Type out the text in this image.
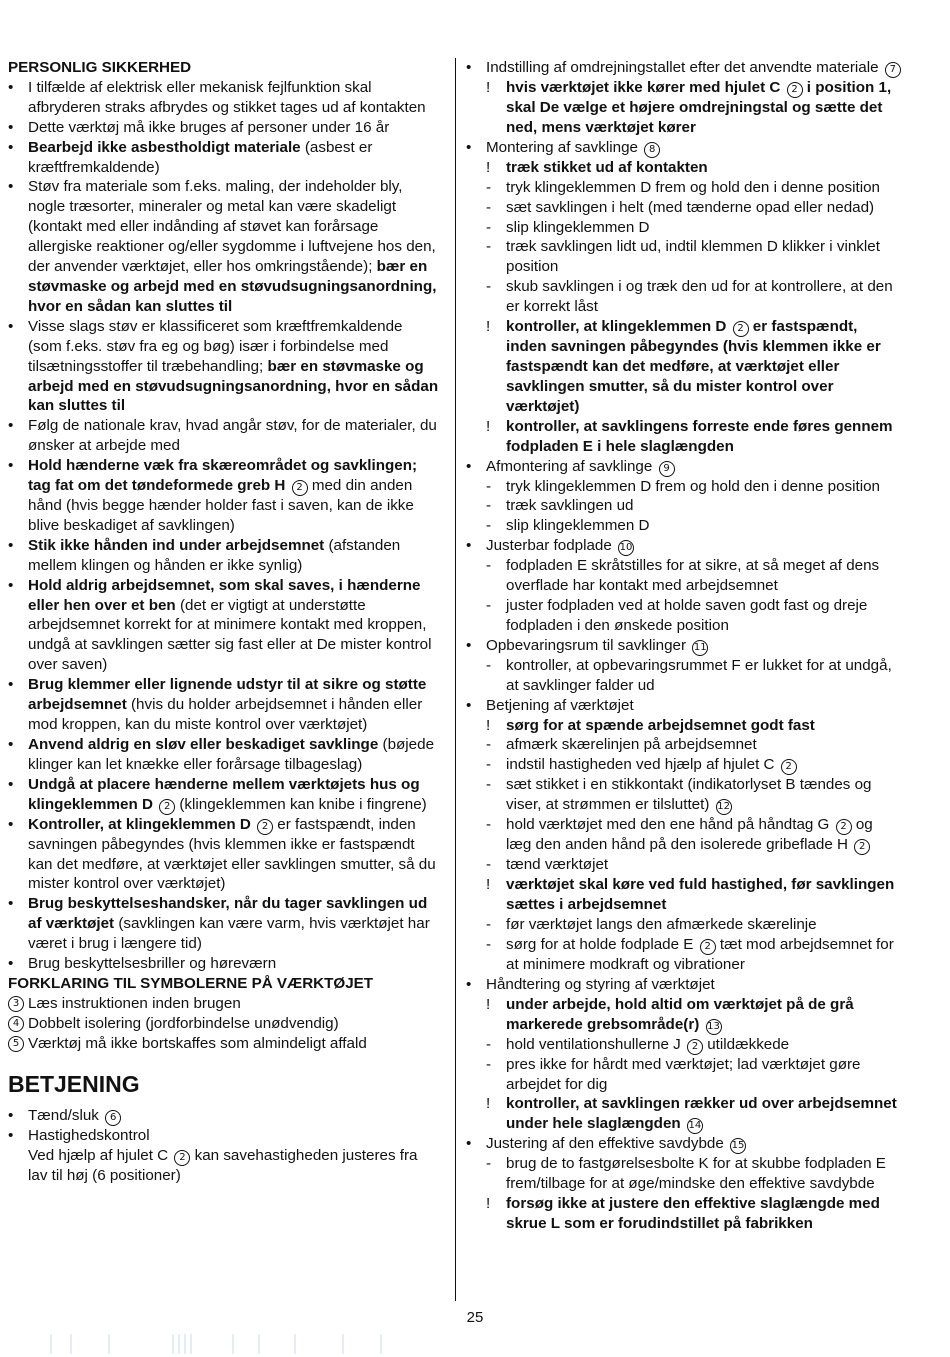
PERSONLIG SIKKERHED
• I tilfælde af elektrisk eller mekanisk fejlfunktion skal afbryderen straks afbrydes og stikket tages ud af kontakten
• Dette værktøj må ikke bruges af personer under 16 år
• Bearbejd ikke asbestholdigt materiale (asbest er kræftfremkaldende)
• Støv fra materiale som f.eks. maling, der indeholder bly, nogle træsorter, mineraler og metal kan være skadeligt (kontakt med eller indånding af støvet kan forårsage allergiske reaktioner og/eller sygdomme i luftvejene hos den, der anvender værktøjet, eller hos omkringstående); bær en støvmaske og arbejd med en støvudsugningsanordning, hvor en sådan kan sluttes til
• Visse slags støv er klassificeret som kræftfremkaldende (som f.eks. støv fra eg og bøg) især i forbindelse med tilsætningsstoffer til træbehandling; bær en støvmaske og arbejd med en støvudsugningsanordning, hvor en sådan kan sluttes til
• Følg de nationale krav, hvad angår støv, for de materialer, du ønsker at arbejde med
• Hold hænderne væk fra skæreområdet og savklingen; tag fat om det tøndeformede greb H 2 med din anden hånd (hvis begge hænder holder fast i saven, kan de ikke blive beskadiget af savklingen)
• Stik ikke hånden ind under arbejdsemnet (afstanden mellem klingen og hånden er ikke synlig)
• Hold aldrig arbejdsemnet, som skal saves, i hænderne eller hen over et ben (det er vigtigt at understøtte arbejdsemnet korrekt for at minimere kontakt med kroppen, undgå at savklingen sætter sig fast eller at De mister kontrol over saven)
• Brug klemmer eller lignende udstyr til at sikre og støtte arbejdsemnet (hvis du holder arbejdsemnet i hånden eller mod kroppen, kan du miste kontrol over værktøjet)
• Anvend aldrig en sløv eller beskadiget savklinge (bøjede klinger kan let knække eller forårsage tilbageslag)
• Undgå at placere hænderne mellem værktøjets hus og klingeklemmen D 2 (klingeklemmen kan knibe i fingrene)
• Kontroller, at klingeklemmen D 2 er fastspændt, inden savningen påbegyndes (hvis klemmen ikke er fastspændt kan det medføre, at værktøjet eller savklingen smutter, så du mister kontrol over værktøjet)
• Brug beskyttelseshandsker, når du tager savklingen ud af værktøjet (savklingen kan være varm, hvis værktøjet har været i brug i længere tid)
• Brug beskyttelsesbriller og høreværn
FORKLARING TIL SYMBOLERNE PÅ VÆRKTØJET
3 Læs instruktionen inden brugen
4 Dobbelt isolering (jordforbindelse unødvendig)
5 Værktøj må ikke bortskaffes som almindeligt affald
BETJENING
• Tænd/sluk 6
• Hastighedskontrol
Ved hjælp af hjulet C 2 kan savehastigheden justeres fra lav til høj (6 positioner)
• Indstilling af omdrejningstallet efter det anvendte materiale 7
!	hvis værktøjet ikke kører med hjulet C 2 i position 1, skal De vælge et højere omdrejningstal og sætte det ned, mens værktøjet kører
• Montering af savklinge 8
!	træk stikket ud af kontakten
- tryk klingeklemmen D frem og hold den i denne position
- sæt savklingen i helt (med tænderne opad eller nedad)
- slip klingeklemmen D
- træk savklingen lidt ud, indtil klemmen D klikker i vinklet position
- skub savklingen i og træk den ud for at kontrollere, at den er korrekt låst
!	kontroller, at klingeklemmen D 2 er fastspændt, inden savningen påbegyndes (hvis klemmen ikke er fastspændt kan det medføre, at værktøjet eller savklingen smutter, så du mister kontrol over værktøjet)
!	kontroller, at savklingens forreste ende føres gennem fodpladen E i hele slaglængden
• Afmontering af savklinge 9
- tryk klingeklemmen D frem og hold den i denne position
- træk savklingen ud
- slip klingeklemmen D
• Justerbar fodplade 10
- fodpladen E skråtstilles for at sikre, at så meget af dens overflade har kontakt med arbejdsemnet
- juster fodpladen ved at holde saven godt fast og dreje fodpladen i den ønskede position
• Opbevaringsrum til savklinger 11
- kontroller, at opbevaringsrummet F er lukket for at undgå, at savklinger falder ud
• Betjening af værktøjet
!	sørg for at spænde arbejdsemnet godt fast
- afmærk skærelinjen på arbejdsemnet
- indstil hastigheden ved hjælp af hjulet C 2
- sæt stikket i en stikkontakt (indikatorlyset B tændes og viser, at strømmen er tilsluttet) 12
- hold værktøjet med den ene hånd på håndtag G 2 og læg den anden hånd på den isolerede gribeflade H 2
- tænd værktøjet
!	værktøjet skal køre ved fuld hastighed, før savklingen sættes i arbejdsemnet
- før værktøjet langs den afmærkede skærelinje
- sørg for at holde fodplade E 2 tæt mod arbejdsemnet for at minimere modkraft og vibrationer
• Håndtering og styring af værktøjet
!	under arbejde, hold altid om værktøjet på de grå markerede grebsområde(r) 13
- hold ventilationshullerne J 2 utildækkede
- pres ikke for hårdt med værktøjet; lad værktøjet gøre arbejdet for dig
!	kontroller, at savklingen rækker ud over arbejdsemnet under hele slaglængden 14
• Justering af den effektive savdybde 15
- brug de to fastgørelsesbolte K for at skubbe fodpladen E frem/tilbage for at øge/mindske den effektive savdybde
!	forsøg ikke at justere den effektive slaglængde med skrue L som er forudindstillet på fabrikken
25
